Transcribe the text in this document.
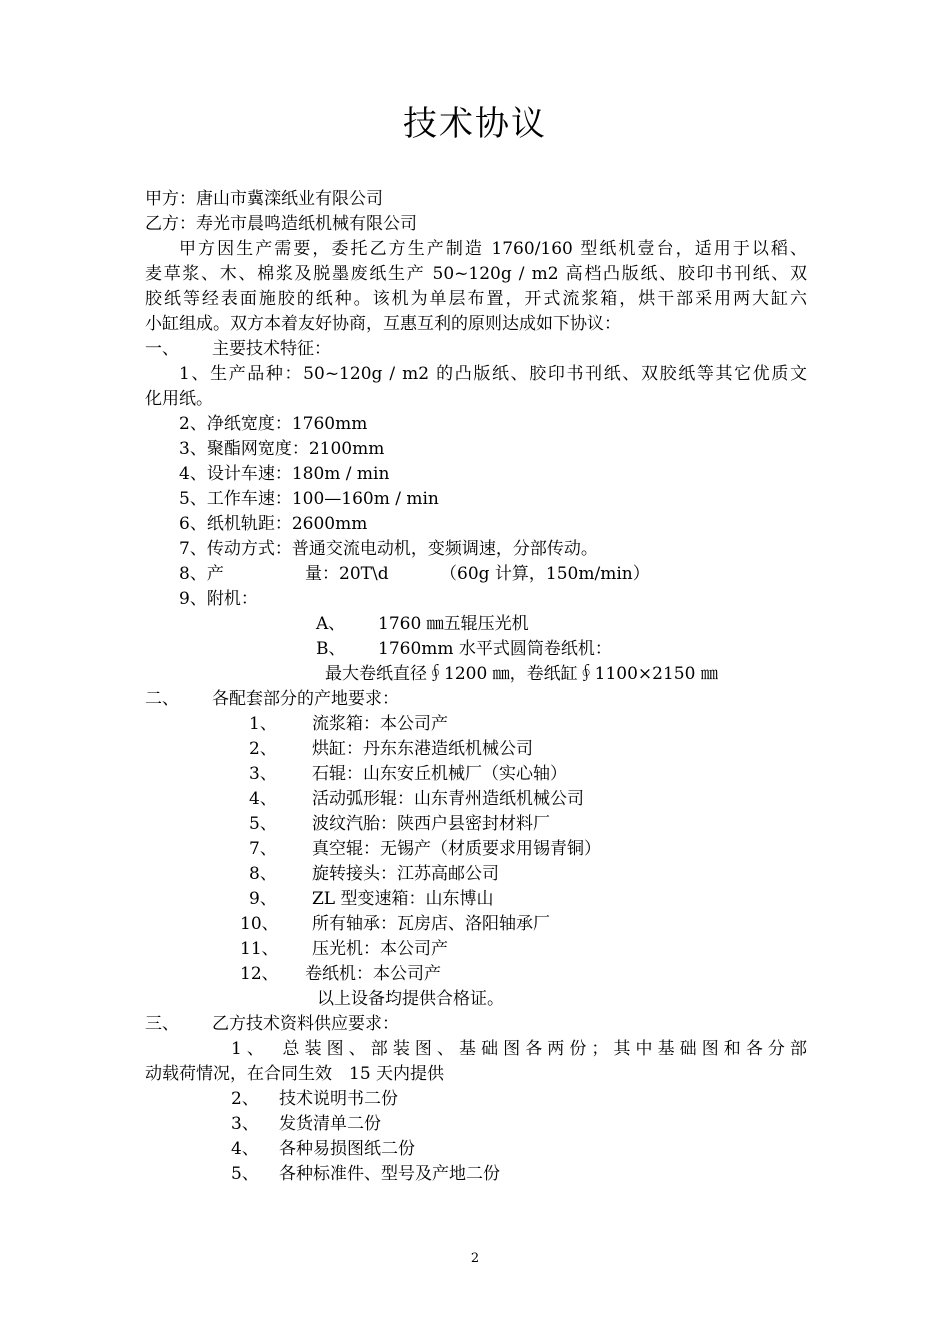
技术协议
甲方：唐山市冀滦纸业有限公司
乙方：寿光市晨鸣造纸机械有限公司
甲方因生产需要，委托乙方生产制造 1760/160 型纸机壹台，适用于以稻、
麦草浆、木、棉浆及脱墨废纸生产 50~120g / m2 高档凸版纸、胶印书刊纸、双
胶纸等经表面施胶的纸种。该机为单层布置，开式流浆箱，烘干部采用两大缸六
小缸组成。双方本着友好协商，互惠互利的原则达成如下协议：
一、 主要技术特征：
1、生产品种：50~120g / m2 的凸版纸、胶印书刊纸、双胶纸等其它优质文
化用纸。
2、净纸宽度：1760mm
3、聚酯网宽度：2100mm
4、设计车速：180m / min
5、工作车速：100—160m / min
6、纸机轨距：2600mm
7、传动方式：普通交流电动机，变频调速，分部传动。
8、产	量：20T\d	（60g 计算，150m/min）
9、附机：
A、 1760 ㎜五辊压光机
B、 1760mm 水平式圆筒卷纸机：
最大卷纸直径∮1200 ㎜，卷纸缸∮1100×2150 ㎜
二、 各配套部分的产地要求：
1、 流浆箱：本公司产
2、 烘缸：丹东东港造纸机械公司
3、 石辊：山东安丘机械厂（实心轴）
4、 活动弧形辊：山东青州造纸机械公司
5、 波纹汽胎：陕西户县密封材料厂
7、 真空辊：无锡产（材质要求用锡青铜）
8、 旋转接头：江苏高邮公司
9、 ZL 型变速箱：山东博山
10、 所有轴承：瓦房店、洛阳轴承厂
11、 压光机：本公司产
12、 卷纸机：本公司产
以上设备均提供合格证。
三、 乙方技术资料供应要求：
1、　总装图、部装图、基础图各两份；其中基础图和各分部
动载荷情况，在合同生效　15 天内提供
2、 技术说明书二份
3、 发货清单二份
4、 各种易损图纸二份
5、 各种标准件、型号及产地二份
2
